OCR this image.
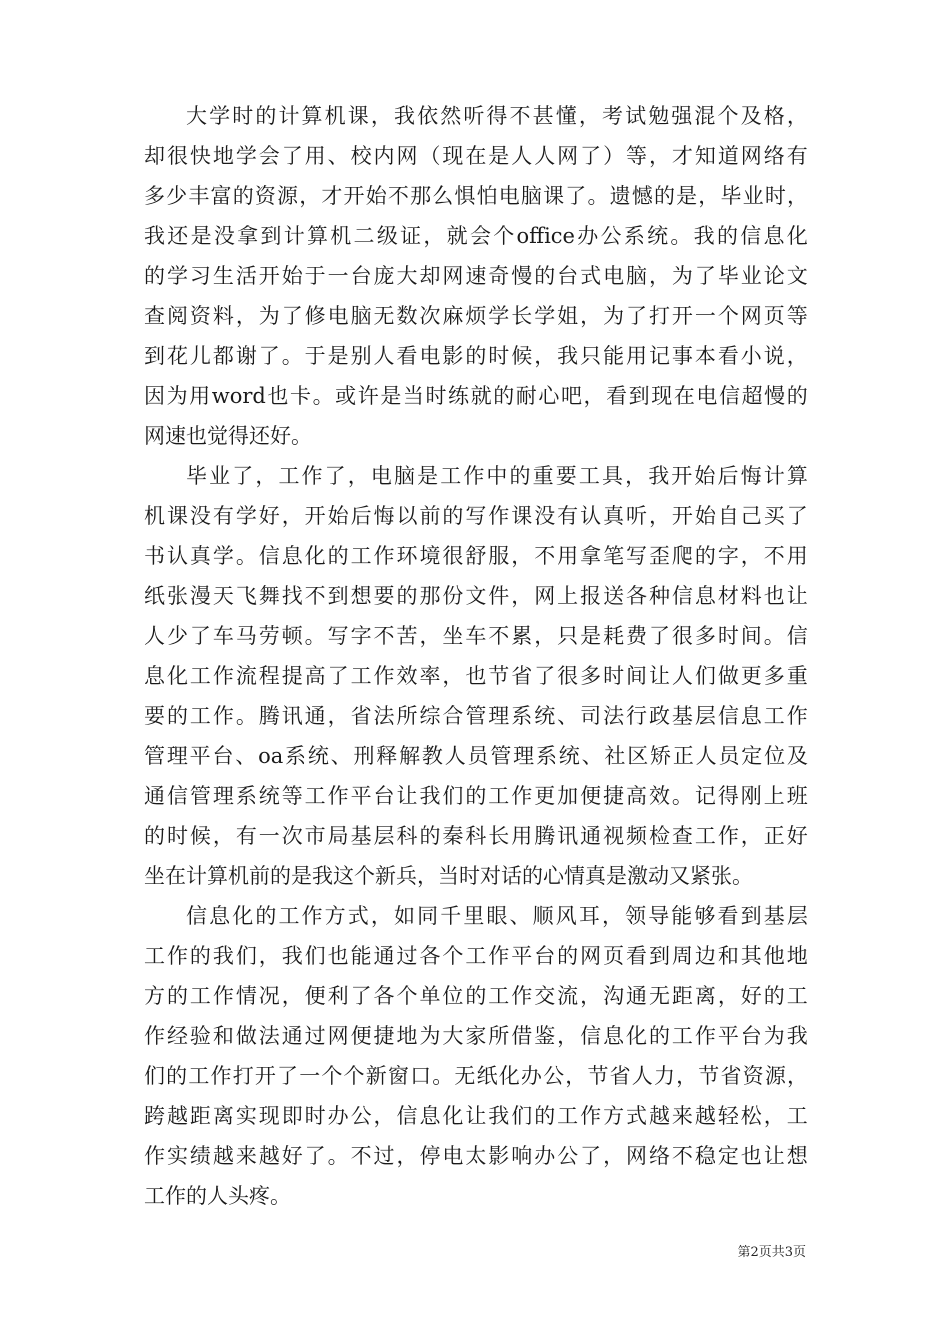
大 学 时 的 计 算 机 课 ， 我 依 然 听 得 不 甚 懂 ， 考 试 勉 强 混 个 及 格 ，
却 很 快 地 学 会 了 用 、 校 内 网 （ 现 在 是 人 人 网 了 ） 等 ， 才 知 道 网 络 有
多 少 丰 富 的 资 源 ， 才 开 始 不 那 么 惧 怕 电 脑 课 了 。 遗 憾 的 是 ， 毕 业 时 ，
我 还 是 没 拿 到 计 算 机 二 级 证 ， 就 会 个 office 办 公 系 统 。 我 的 信 息 化
的 学 习 生 活 开 始 于 一 台 庞 大 却 网 速 奇 慢 的 台 式 电 脑 ， 为 了 毕 业 论 文
查 阅 资 料 ， 为 了 修 电 脑 无 数 次 麻 烦 学 长 学 姐 ， 为 了 打 开 一 个 网 页 等
到 花 儿 都 谢 了 。 于 是 别 人 看 电 影 的 时 候 ， 我 只 能 用 记 事 本 看 小 说 ，
因 为 用 word 也 卡 。 或 许 是 当 时 练 就 的 耐 心 吧 ， 看 到 现 在 电 信 超 慢 的
网速也觉得还好。
毕 业 了 ， 工 作 了 ， 电 脑 是 工 作 中 的 重 要 工 具 ， 我 开 始 后 悔 计 算
机 课 没 有 学 好 ， 开 始 后 悔 以 前 的 写 作 课 没 有 认 真 听 ， 开 始 自 己 买 了
书 认 真 学 。 信 息 化 的 工 作 环 境 很 舒 服 ， 不 用 拿 笔 写 歪 爬 的 字 ， 不 用
纸 张 漫 天 飞 舞 找 不 到 想 要 的 那 份 文 件 ， 网 上 报 送 各 种 信 息 材 料 也 让
人 少 了 车 马 劳 顿 。 写 字 不 苦 ， 坐 车 不 累 ， 只 是 耗 费 了 很 多 时 间 。 信
息 化 工 作 流 程 提 高 了 工 作 效 率 ， 也 节 省 了 很 多 时 间 让 人 们 做 更 多 重
要 的 工 作 。 腾 讯 通 ， 省 法 所 综 合 管 理 系 统 、 司 法 行 政 基 层 信 息 工 作
管 理 平 台 、 oa 系 统 、 刑 释 解 教 人 员 管 理 系 统 、 社 区 矫 正 人 员 定 位 及
通 信 管 理 系 统 等 工 作 平 台 让 我 们 的 工 作 更 加 便 捷 高 效 。 记 得 刚 上 班
的 时 候 ， 有 一 次 市 局 基 层 科 的 秦 科 长 用 腾 讯 通 视 频 检 查 工 作 ， 正 好
坐在计算机前的是我这个新兵，当时对话的心情真是激动又紧张。
信 息 化 的 工 作 方 式 ， 如 同 千 里 眼 、 顺 风 耳 ， 领 导 能 够 看 到 基 层
工 作 的 我 们 ， 我 们 也 能 通 过 各 个 工 作 平 台 的 网 页 看 到 周 边 和 其 他 地
方 的 工 作 情 况 ， 便 利 了 各 个 单 位 的 工 作 交 流 ， 沟 通 无 距 离 ， 好 的 工
作 经 验 和 做 法 通 过 网 便 捷 地 为 大 家 所 借 鉴 ， 信 息 化 的 工 作 平 台 为 我
们 的 工 作 打 开 了 一 个 个 新 窗 口 。 无 纸 化 办 公 ， 节 省 人 力 ， 节 省 资 源 ，
跨 越 距 离 实 现 即 时 办 公 ， 信 息 化 让 我 们 的 工 作 方 式 越 来 越 轻 松 ， 工
作 实 绩 越 来 越 好 了 。 不 过 ， 停 电 太 影 响 办 公 了 ， 网 络 不 稳 定 也 让 想
工作的人头疼。
第2页共3页
